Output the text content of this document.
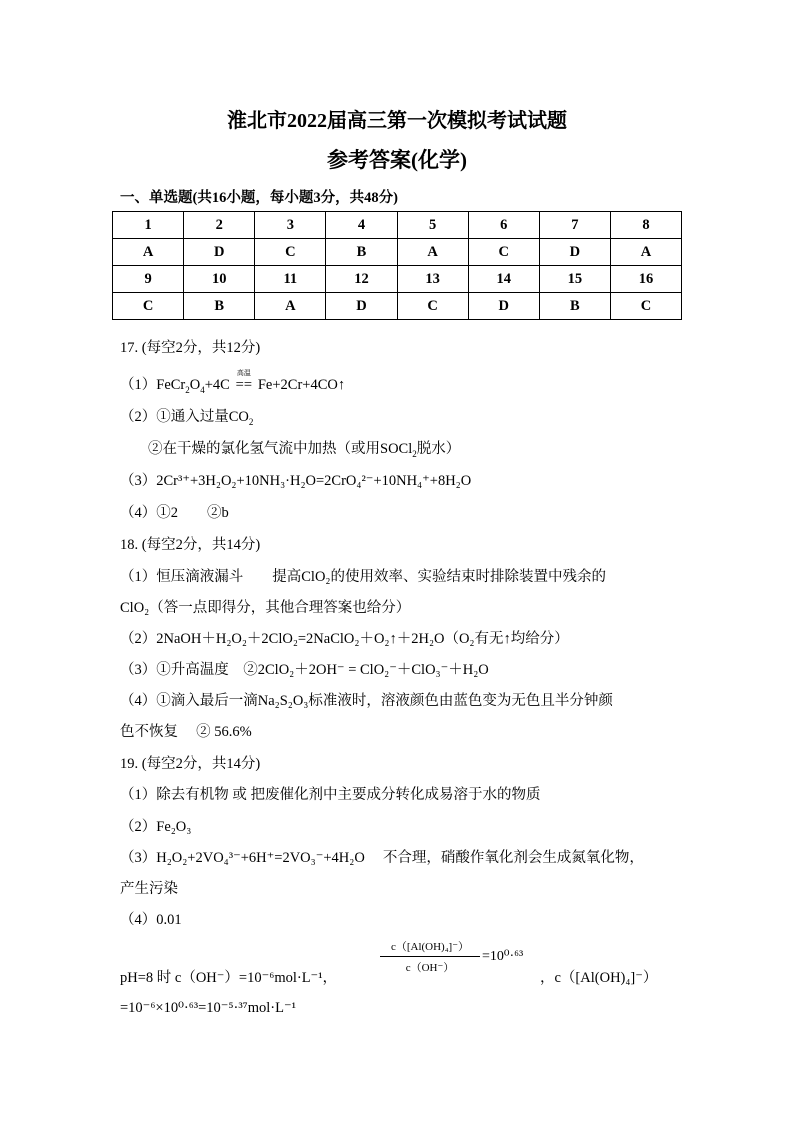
淮北市2022届高三第一次模拟考试试题
参考答案(化学)
一、单选题(共16小题，每小题3分，共48分)
1	2	3	4	5	6	7	8
A	D	C	B	A	C	D	A
9	10	11	12	13	14	15	16
C	B	A	D	C	D	B	C
17. (每空2分，共12分)
$(1)FeCr_2O_4+4C$
高温
== Fe+2Cr+4CO↑
（2）①通入过量$CO_2$
②在干燥的氯化氢气流中加热（或用SOCl$_2$脱水）
（3）2Cr³⁺+3H₂O₂+10NH₃·H₂O=2CrO₄²⁻+10NH₄⁺+8H₂O
（4）①2　　②b
18. (每空2分，共14分)
（1）恒压滴液漏斗　　提高ClO₂的使用效率、实验结束时排除装置中残余的
ClO₂（答一点即得分，其他合理答案也给分）
（2）2NaOH＋H₂O₂＋2ClO₂=2NaClO₂＋O₂↑＋2H₂O（O₂有无↑均给分）
（3）①升高温度　②2ClO₂＋2OH⁻ = ClO₂⁻＋ClO₃⁻＋H₂O
（4）①滴入最后一滴Na₂S₂O₃标准液时，溶液颜色由蓝色变为无色且半分钟颜
色不恢复　 ② 56.6%
19. (每空2分，共14分)
（1）除去有机物 或 把废催化剂中主要成分转化成易溶于水的物质
（2）Fe₂O₃
（3）H₂O₂+2VO₄³⁻+6H⁺=2VO₃⁻+4H₂O　 不合理，硝酸作氧化剂会生成氮氧化物，
产生污染
（4）0.01
pH=8 时 c（OH⁻）=10⁻⁶mol·L⁻¹，
c（[Al(OH)₄]⁻）
c（OH⁻）
=10⁰·⁶³
，c（[Al(OH)₄]⁻）
=10⁻⁶×10⁰·⁶³=10⁻⁵·³⁷mol·L⁻¹
